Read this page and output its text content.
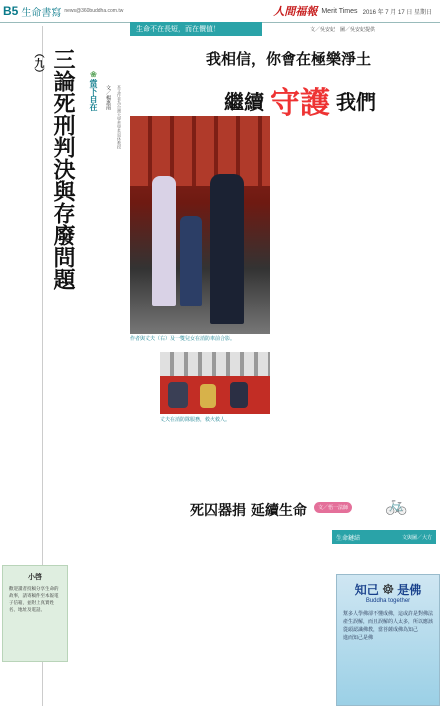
B5 生命書寫 news@360buddha.com.tw	人間福報 Merit Times 2016 年 7 月 17 日 星期日
三論死刑判決與存廢問題（九）	❀當下自在	文／楊惠南	本文作者為台灣大學哲學系退休教授
小啓
歡迎讀者投稿分享生命的故事，請寄稿件至本報電子信箱，並附上真實姓名、地址及電話。
生命不在長短，而在價值！	文／吳安妃　圖／吳安妃提供
我相信，你會在極樂淨土
繼續 守護 我們
作者與丈夫（右）及一雙兒女在消防車前合影。
丈夫在消防隊服務，救火救人。
死囚器捐 延續生命	文／悟一法師 🚲
生命鏈結	文與圖／大方
知己 ☸ 是佛
Buddha together
幫多人學佛卻不懂成佛，這或許是對佛法產生誤解，而且誤解的人太多，所以應該從頭認識佛教，當菩薩成佛為知己
進而知己是佛
